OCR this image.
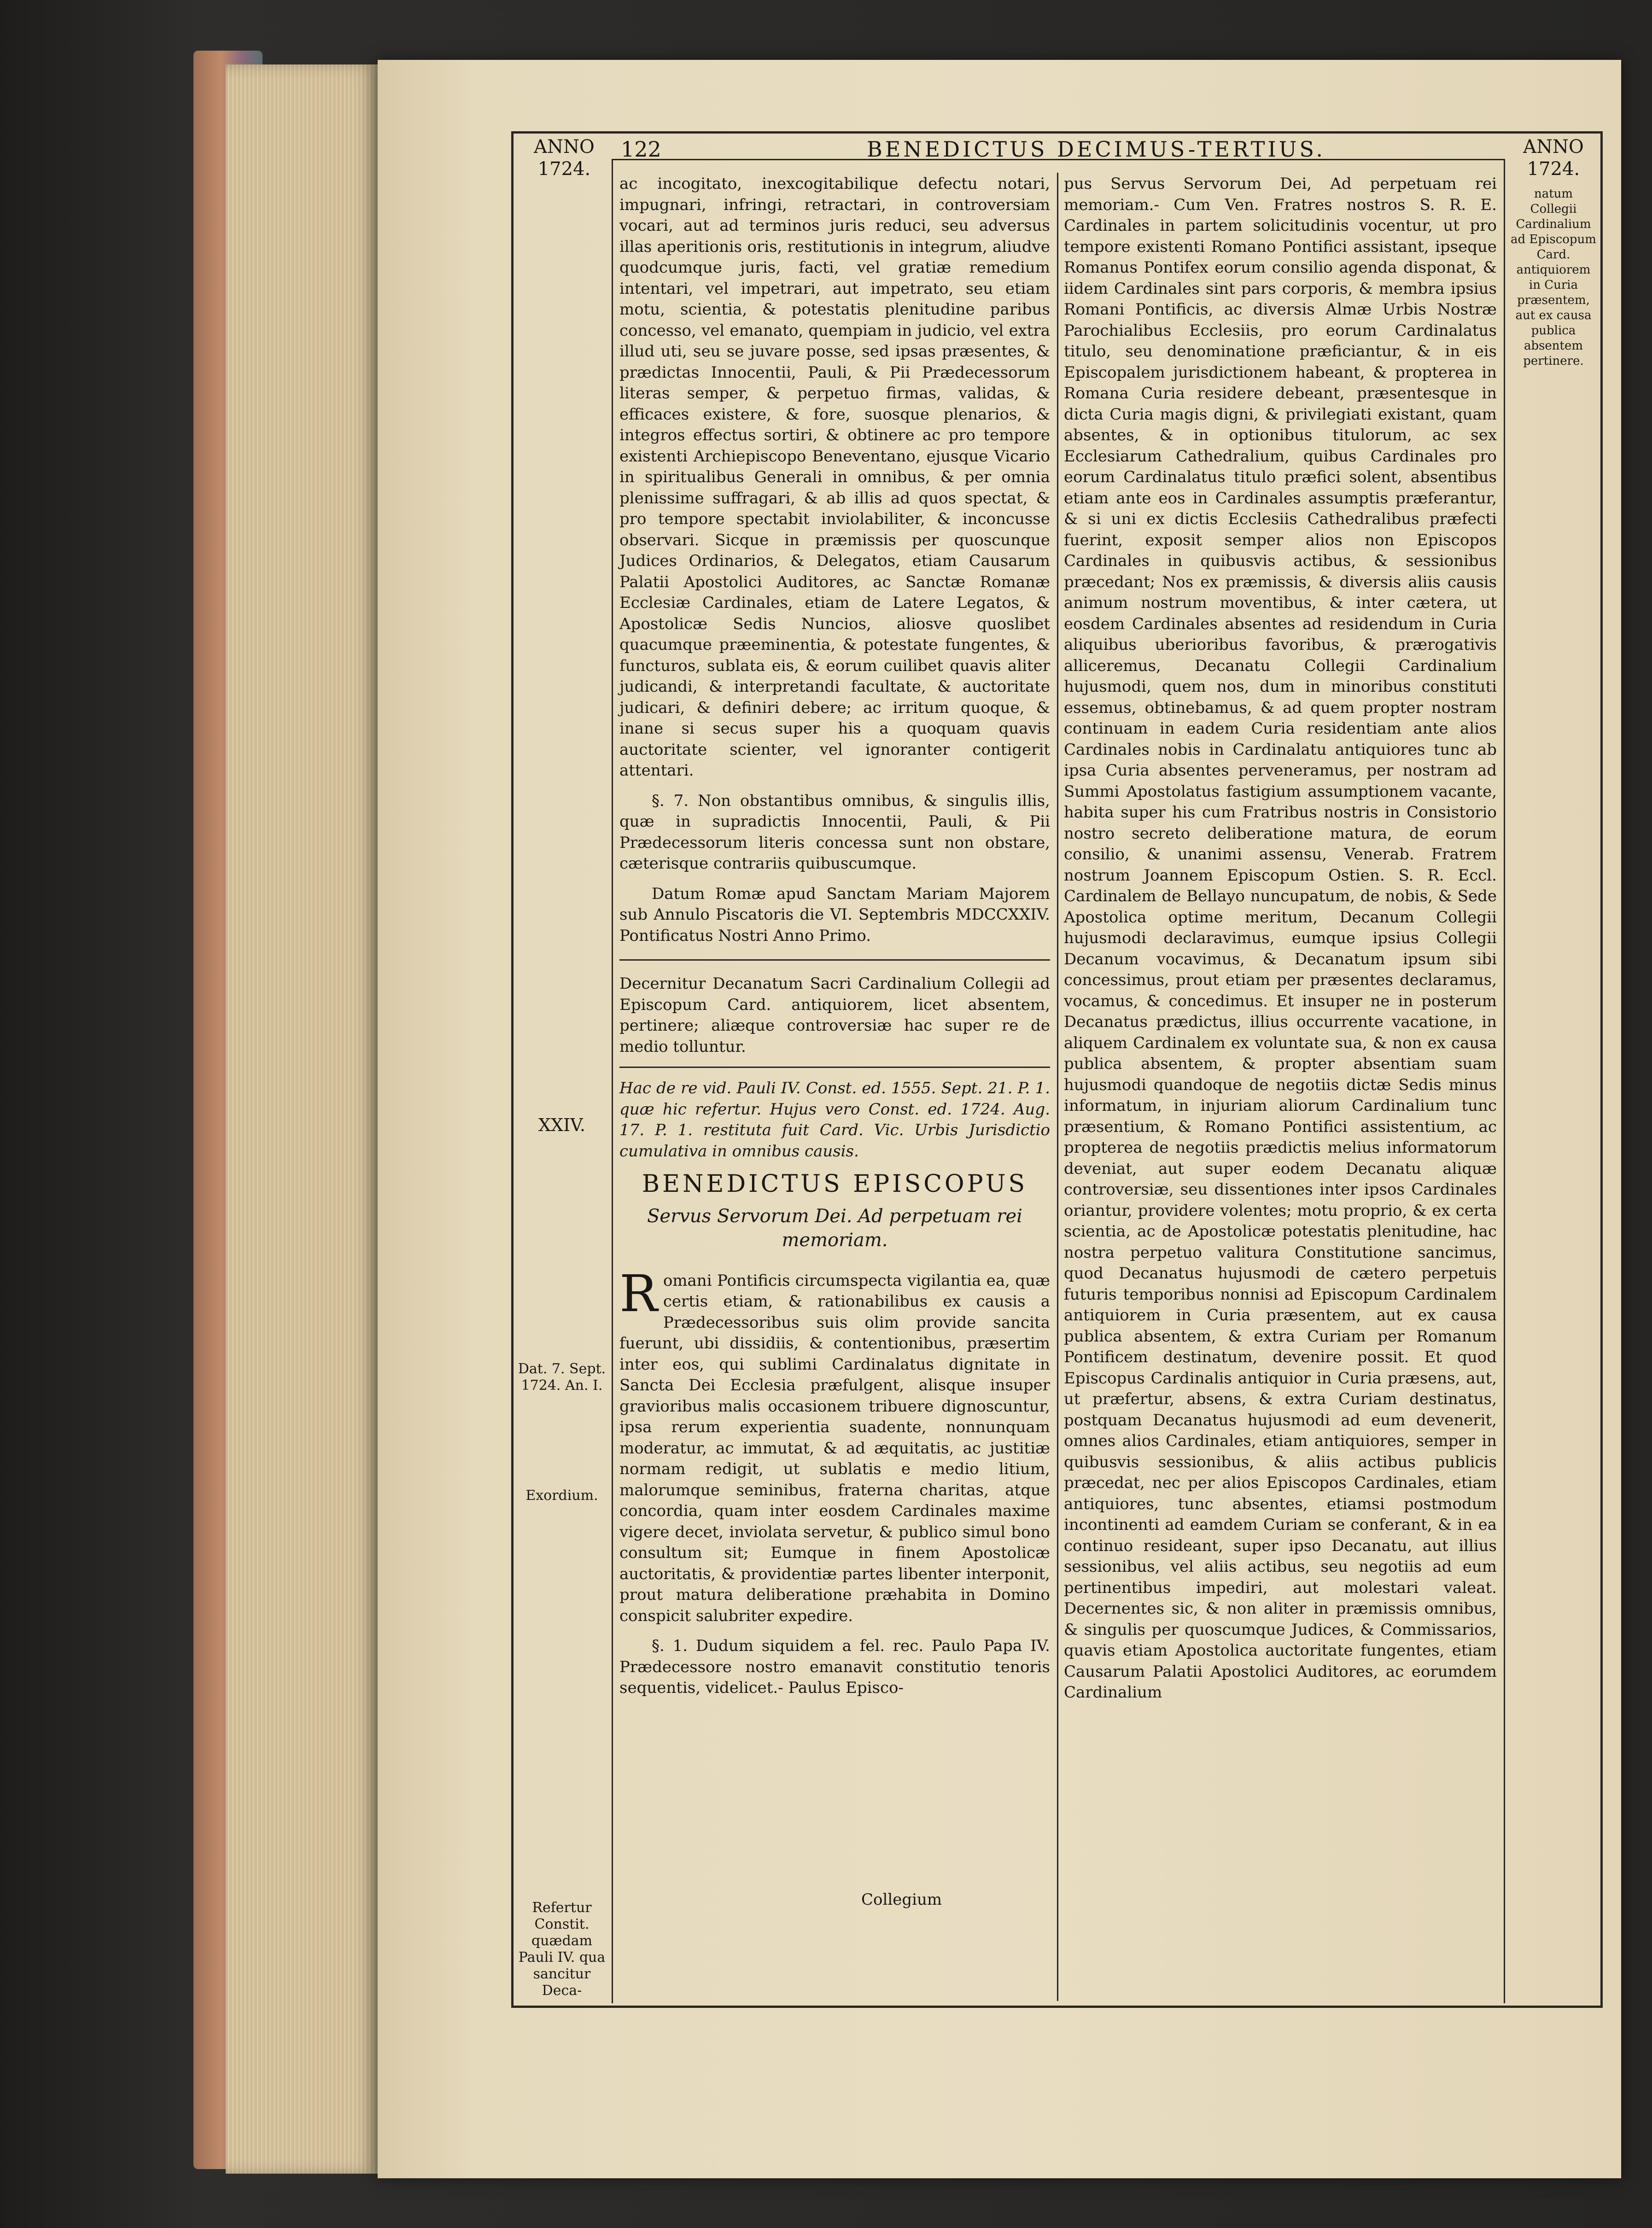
ANNO
1724.
ANNO
1724.
122	BENEDICTUS DECIMUS-TERTIUS.

ac incogitato, inexcogitabilique defectu notari, impugnari, infringi, retractari, in controversiam vocari, aut ad terminos juris reduci, seu adversus illas aperitionis oris, restitutionis in integrum, aliudve quodcumque juris, facti, vel gratiæ remedium intentari, vel impetrari, aut impetrato, seu etiam motu, scientia, & potestatis plenitudine paribus concesso, vel emanato, quempiam in judicio, vel extra illud uti, seu se juvare posse, sed ipsas præsentes, & prædictas Innocentii, Pauli, & Pii Prædecessorum literas semper, & perpetuo firmas, validas, & efficaces existere, & fore, suosque plenarios, & integros effectus sortiri, & obtinere ac pro tempore existenti Archiepiscopo Beneventano, ejusque Vicario in spiritualibus Generali in omnibus, & per omnia plenissime suffragari, & ab illis ad quos spectat, & pro tempore spectabit inviolabiliter, & inconcusse observari. Sicque in præmissis per quoscunque Judices Ordinarios, & Delegatos, etiam Causarum Palatii Apostolici Auditores, ac Sanctæ Romanæ Ecclesiæ Cardinales, etiam de Latere Legatos, & Apostolicæ Sedis Nuncios, aliosve quoslibet quacumque præeminentia, & potestate fungentes, & functuros, sublata eis, & eorum cuilibet quavis aliter judicandi, & interpretandi facultate, & auctoritate judicari, & definiri debere; ac irritum quoque, & inane si secus super his a quoquam quavis auctoritate scienter, vel ignoranter contigerit attentari.

§. 7. Non obstantibus omnibus, & singulis illis, quæ in supradictis Innocentii, Pauli, & Pii Prædecessorum literis concessa sunt non obstare, cæterisque contrariis quibuscumque.

Datum Romæ apud Sanctam Mariam Majorem sub Annulo Piscatoris die VI. Septembris MDCCXXIV. Pontificatus Nostri Anno Primo.

Decernitur Decanatum Sacri Cardinalium Collegii ad Episcopum Card. antiquiorem, licet absentem, pertinere; aliæque controversiæ hac super re de medio tolluntur.

Hac de re vid. Pauli IV. Const. ed. 1555. Sept. 21. P. 1. quæ hic refertur. Hujus vero Const. ed. 1724. Aug. 17. P. 1. restituta fuit Card. Vic. Urbis Jurisdictio cumulativa in omnibus causis.

BENEDICTUS EPISCOPUS
Servus Servorum Dei. Ad perpetuam rei memoriam.

Romani Pontificis circumspecta vigilantia ea, quæ certis etiam, & rationabilibus ex causis a Prædecessoribus suis olim provide sancita fuerunt, ubi dissidiis, & contentionibus, præsertim inter eos, qui sublimi Cardinalatus dignitate in Sancta Dei Ecclesia præfulgent, alisque insuper gravioribus malis occasionem tribuere dignoscuntur, ipsa rerum experientia suadente, nonnunquam moderatur, ac immutat, & ad æquitatis, ac justitiæ normam redigit, ut sublatis e medio litium, malorumque seminibus, fraterna charitas, atque concordia, quam inter eosdem Cardinales maxime vigere decet, inviolata servetur, & publico simul bono consultum sit; Eumque in finem Apostolicæ auctoritatis, & providentiæ partes libenter interponit, prout matura deliberatione præhabita in Domino conspicit salubriter expedire.

§. 1. Dudum siquidem a fel. rec. Paulo Papa IV. Prædecessore nostro emanavit constitutio tenoris sequentis, videlicet.- Paulus Episco-

pus Servus Servorum Dei, Ad perpetuam rei memoriam.- Cum Ven. Fratres nostros S. R. E. Cardinales in partem solicitudinis vocentur, ut pro tempore existenti Romano Pontifici assistant, ipseque Romanus Pontifex eorum consilio agenda disponat, & iidem Cardinales sint pars corporis, & membra ipsius Romani Pontificis, ac diversis Almæ Urbis Nostræ Parochialibus Ecclesiis, pro eorum Cardinalatus titulo, seu denominatione præficiantur, & in eis Episcopalem jurisdictionem habeant, & propterea in Romana Curia residere debeant, præsentesque in dicta Curia magis digni, & privilegiati existant, quam absentes, & in optionibus titulorum, ac sex Ecclesiarum Cathedralium, quibus Cardinales pro eorum Cardinalatus titulo præfici solent, absentibus etiam ante eos in Cardinales assumptis præferantur, & si uni ex dictis Ecclesiis Cathedralibus præfecti fuerint, exposit semper alios non Episcopos Cardinales in quibusvis actibus, & sessionibus præcedant; Nos ex præmissis, & diversis aliis causis animum nostrum moventibus, & inter cætera, ut eosdem Cardinales absentes ad residendum in Curia aliquibus uberioribus favoribus, & prærogativis alliceremus, Decanatu Collegii Cardinalium hujusmodi, quem nos, dum in minoribus constituti essemus, obtinebamus, & ad quem propter nostram continuam in eadem Curia residentiam ante alios Cardinales nobis in Cardinalatu antiquiores tunc ab ipsa Curia absentes perveneramus, per nostram ad Summi Apostolatus fastigium assumptionem vacante, habita super his cum Fratribus nostris in Consistorio nostro secreto deliberatione matura, de eorum consilio, & unanimi assensu, Venerab. Fratrem nostrum Joannem Episcopum Ostien. S. R. Eccl. Cardinalem de Bellayo nuncupatum, de nobis, & Sede Apostolica optime meritum, Decanum Collegii hujusmodi declaravimus, eumque ipsius Collegii Decanum vocavimus, & Decanatum ipsum sibi concessimus, prout etiam per præsentes declaramus, vocamus, & concedimus. Et insuper ne in posterum Decanatus prædictus, illius occurrente vacatione, in aliquem Cardinalem ex voluntate sua, & non ex causa publica absentem, & propter absentiam suam hujusmodi quandoque de negotiis dictæ Sedis minus informatum, in injuriam aliorum Cardinalium tunc præsentium, & Romano Pontifici assistentium, ac propterea de negotiis prædictis melius informatorum deveniat, aut super eodem Decanatu aliquæ controversiæ, seu dissentiones inter ipsos Cardinales oriantur, providere volentes; motu proprio, & ex certa scientia, ac de Apostolicæ potestatis plenitudine, hac nostra perpetuo valitura Constitutione sancimus, quod Decanatus hujusmodi de cætero perpetuis futuris temporibus nonnisi ad Episcopum Cardinalem antiquiorem in Curia præsentem, aut ex causa publica absentem, & extra Curiam per Romanum Pontificem destinatum, devenire possit. Et quod Episcopus Cardinalis antiquior in Curia præsens, aut, ut præfertur, absens, & extra Curiam destinatus, postquam Decanatus hujusmodi ad eum devenerit, omnes alios Cardinales, etiam antiquiores, semper in quibusvis sessionibus, & aliis actibus publicis præcedat, nec per alios Episcopos Cardinales, etiam antiquiores, tunc absentes, etiamsi postmodum incontinenti ad eamdem Curiam se conferant, & in ea continuo resideant, super ipso Decanatu, aut illius sessionibus, vel aliis actibus, seu negotiis ad eum pertinentibus impediri, aut molestari valeat. Decernentes sic, & non aliter in præmissis omnibus, & singulis per quoscumque Judices, & Commissarios, quavis etiam Apostolica auctoritate fungentes, etiam Causarum Palatii Apostolici Auditores, ac eorumdem Cardinalium

XXIV.
Dat. 7. Sept. 1724. An. I.
Exordium.
Refertur Constit. quædam Pauli IV. qua sancitur Deca-
natum Collegii Cardinalium ad Episcopum Card. antiquiorem in Curia præsentem, aut ex causa publica absentem pertinere.
Collegium
